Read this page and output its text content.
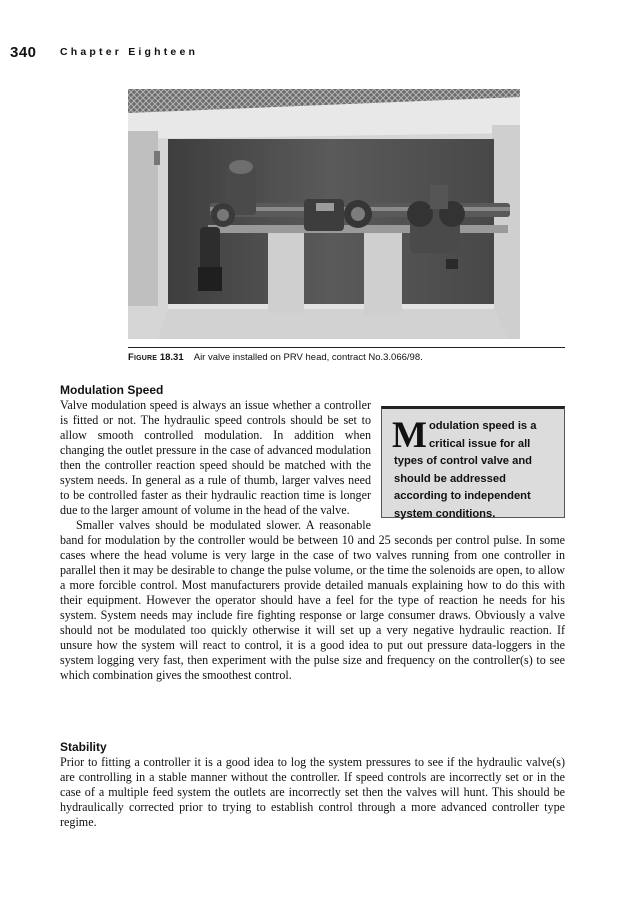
340 Chapter Eighteen
Figure 18.31 Air valve installed on PRV head, contract No.3.066/98.
Modulation Speed
Modulation speed is a critical issue for all types of control valve and should be addressed according to independent system conditions.

Valve modulation speed is always an issue whether a controller is fitted or not. The hydraulic speed controls should be set to allow smooth controlled modulation. In addition when changing the outlet pressure in the case of advanced modulation then the controller reaction speed should be matched with the system needs. In general as a rule of thumb, larger valves need to be controlled faster as their hydraulic reaction time is longer due to the larger amount of volume in the head of the valve.

Smaller valves should be modulated slower. A reasonable band for modulation by the controller would be between 10 and 25 seconds per control pulse. In some cases where the head volume is very large in the case of two valves running from one controller in parallel then it may be desirable to change the pulse volume, or the time the solenoids are open, to allow a more forcible control. Most manufacturers provide detailed manuals explaining how to do this with their equipment. However the operator should have a feel for the type of reaction he needs for his system. System needs may include fire fighting response or large consumer draws. Obviously a valve should not be modulated too quickly otherwise it will set up a very negative hydraulic reaction. If unsure how the system will react to control, it is a good idea to put out pressure data-loggers in the system logging very fast, then experiment with the pulse size and frequency on the controller(s) to see which combination gives the smoothest control.

Stability

Prior to fitting a controller it is a good idea to log the system pressures to see if the hydraulic valve(s) are controlling in a stable manner without the controller. If speed controls are incorrectly set or in the case of a multiple feed system the outlets are incorrectly set then the valves will hunt. This should be hydraulically corrected prior to trying to establish control through a more advanced controller type regime.
